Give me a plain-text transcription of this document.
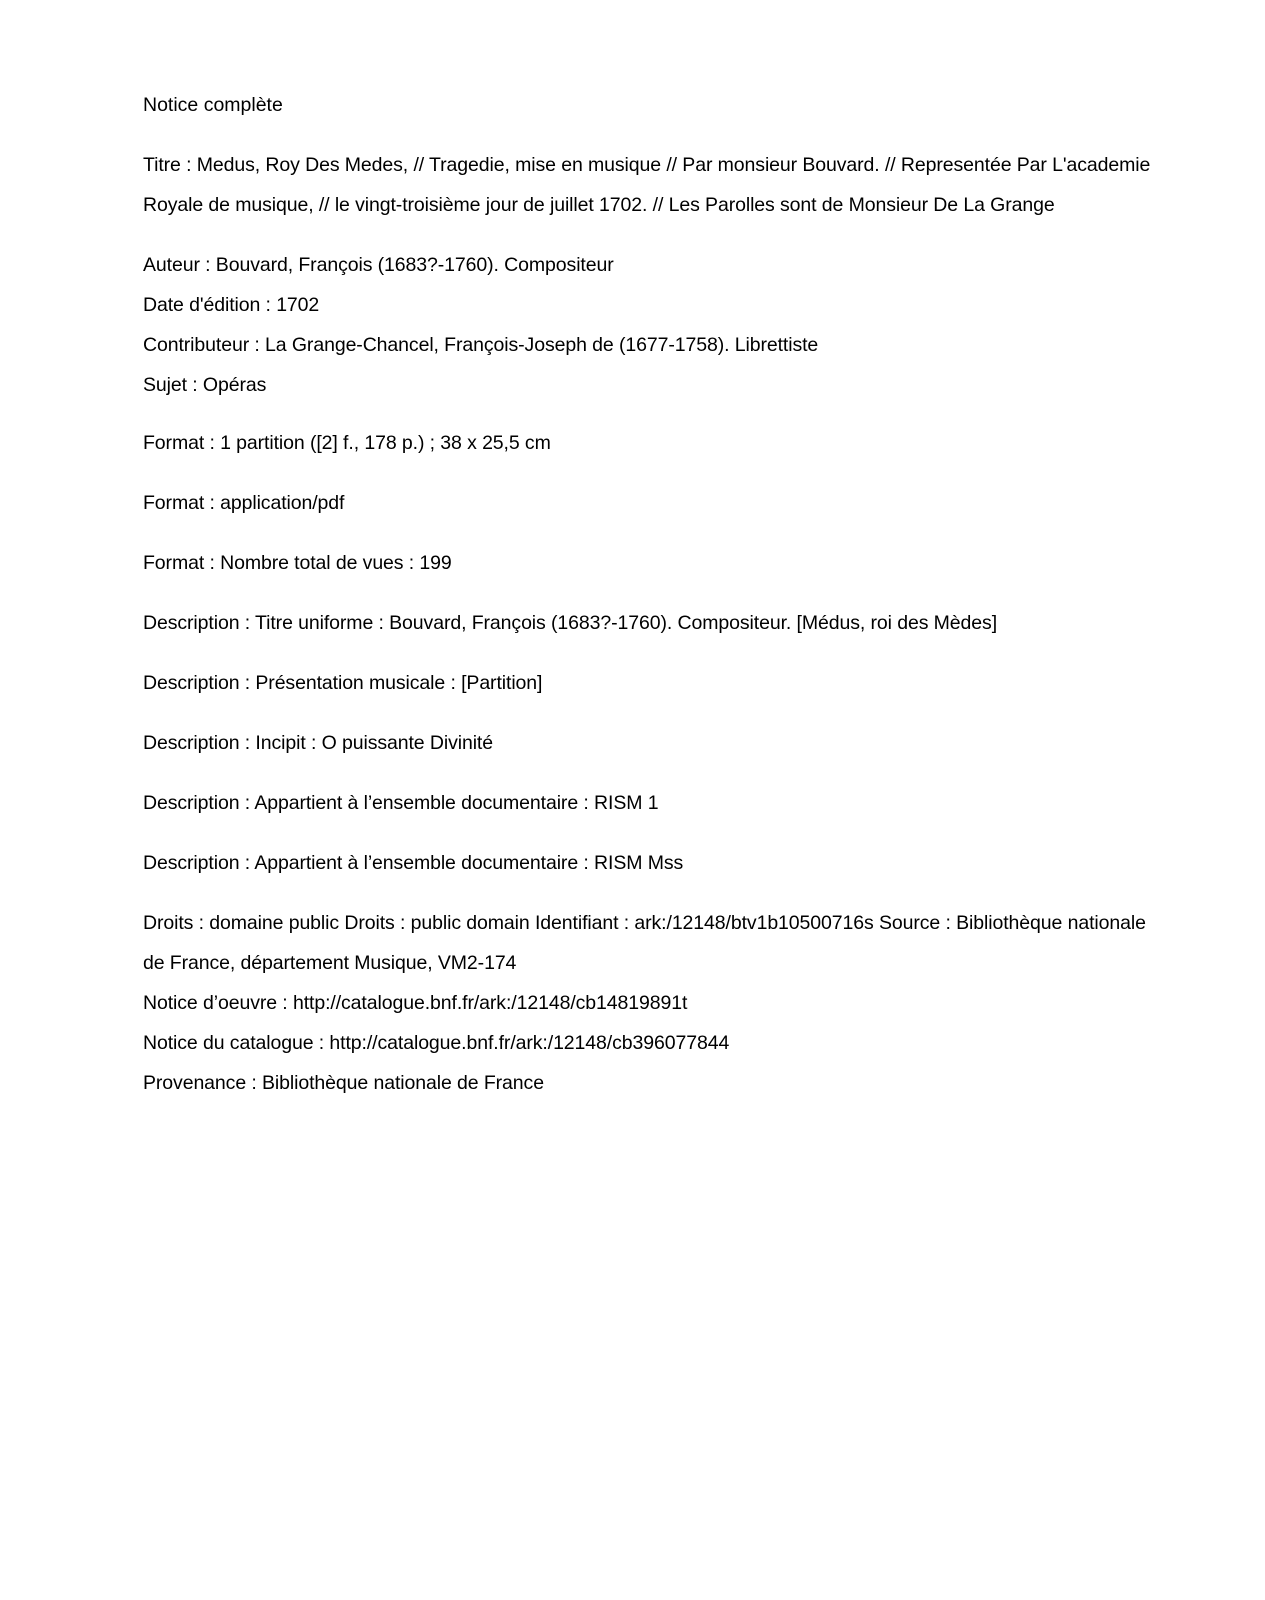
Notice complète

Titre : Medus, Roy Des Medes, // Tragedie, mise en musique // Par monsieur Bouvard. // Representée Par L'academie Royale de musique, // le vingt-troisième jour de juillet 1702. // Les Parolles sont de Monsieur De La Grange

Auteur : Bouvard, François (1683?-1760). Compositeur

Date d'édition : 1702

Contributeur : La Grange-Chancel, François-Joseph de (1677-1758). Librettiste

Sujet : Opéras

Format : 1 partition ([2] f., 178 p.) ; 38 x 25,5 cm

Format : application/pdf

Format : Nombre total de vues : 199

Description : Titre uniforme : Bouvard, François (1683?-1760). Compositeur. [Médus, roi des Mèdes]

Description : Présentation musicale : [Partition]

Description : Incipit : O puissante Divinité

Description : Appartient à l’ensemble documentaire : RISM 1

Description : Appartient à l’ensemble documentaire : RISM Mss

Droits : domaine public Droits : public domain Identifiant : ark:/12148/btv1b10500716s Source : Bibliothèque nationale de France, département Musique, VM2-174

Notice d’oeuvre : http://catalogue.bnf.fr/ark:/12148/cb14819891t

Notice du catalogue : http://catalogue.bnf.fr/ark:/12148/cb396077844

Provenance : Bibliothèque nationale de France
